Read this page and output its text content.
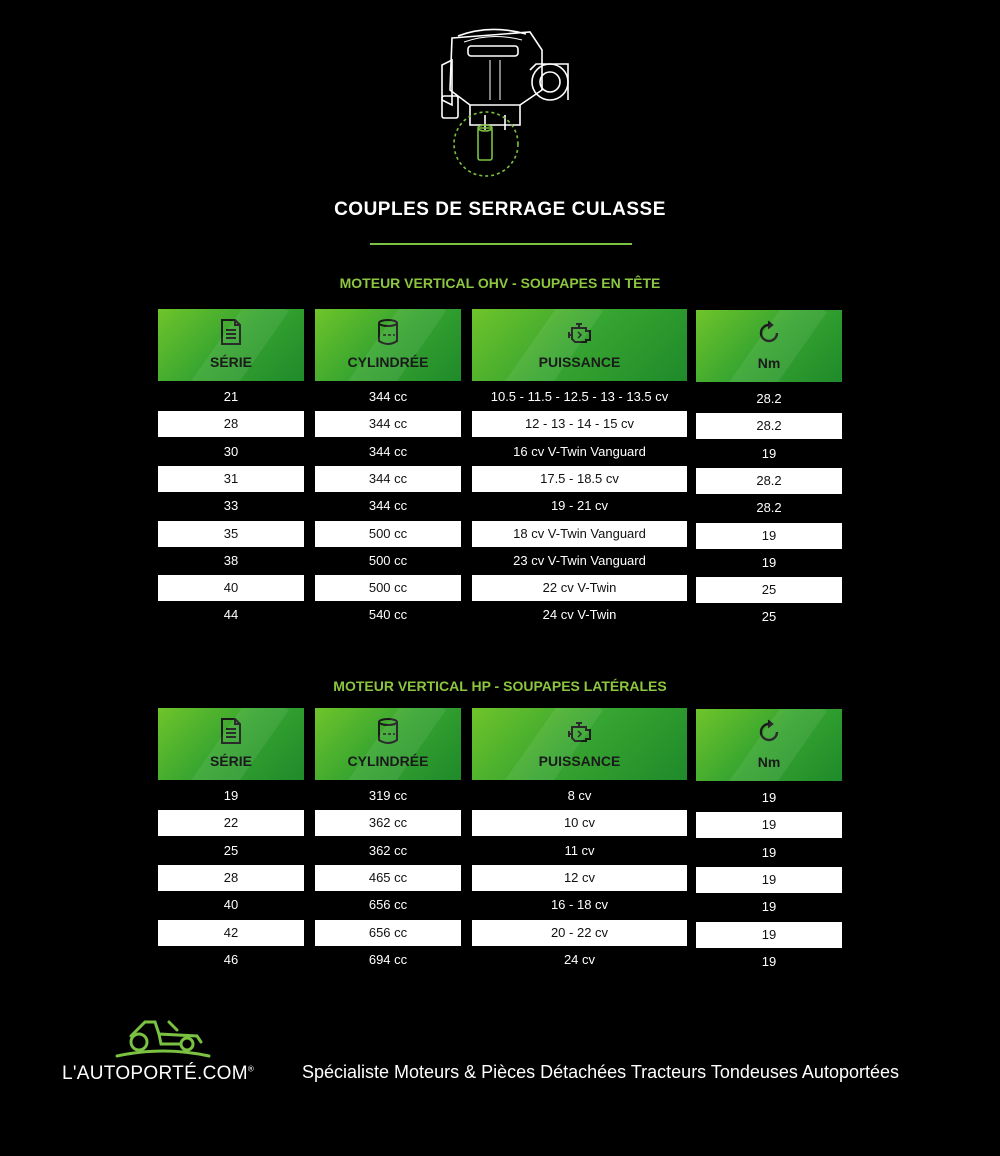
COUPLES DE SERRAGE CULASSE
MOTEUR VERTICAL OHV - SOUPAPES EN TÊTE
MOTEUR VERTICAL HP - SOUPAPES LATÉRALES
SÉRIE
21
28
30
31
33
35
38
40
44
CYLINDRÉE
344 cc
344 cc
344 cc
344 cc
344 cc
500 cc
500 cc
500 cc
540 cc
PUISSANCE
10.5 - 11.5 - 12.5 - 13 - 13.5 cv
12 - 13 - 14 - 15 cv
16 cv V-Twin Vanguard
17.5 - 18.5 cv
19 - 21 cv
18 cv V-Twin Vanguard
23 cv V-Twin Vanguard
22 cv V-Twin
24 cv V-Twin
Nm
28.2
28.2
19
28.2
28.2
19
19
25
25
SÉRIE
19
22
25
28
40
42
46
CYLINDRÉE
319 cc
362 cc
362 cc
465 cc
656 cc
656 cc
694 cc
PUISSANCE
8 cv
10 cv
11 cv
12 cv
16 - 18 cv
20 - 22 cv
24 cv
Nm
19
19
19
19
19
19
19
L'AUTOPORTÉ.COM®	Spécialiste Moteurs & Pièces Détachées Tracteurs Tondeuses Autoportées
